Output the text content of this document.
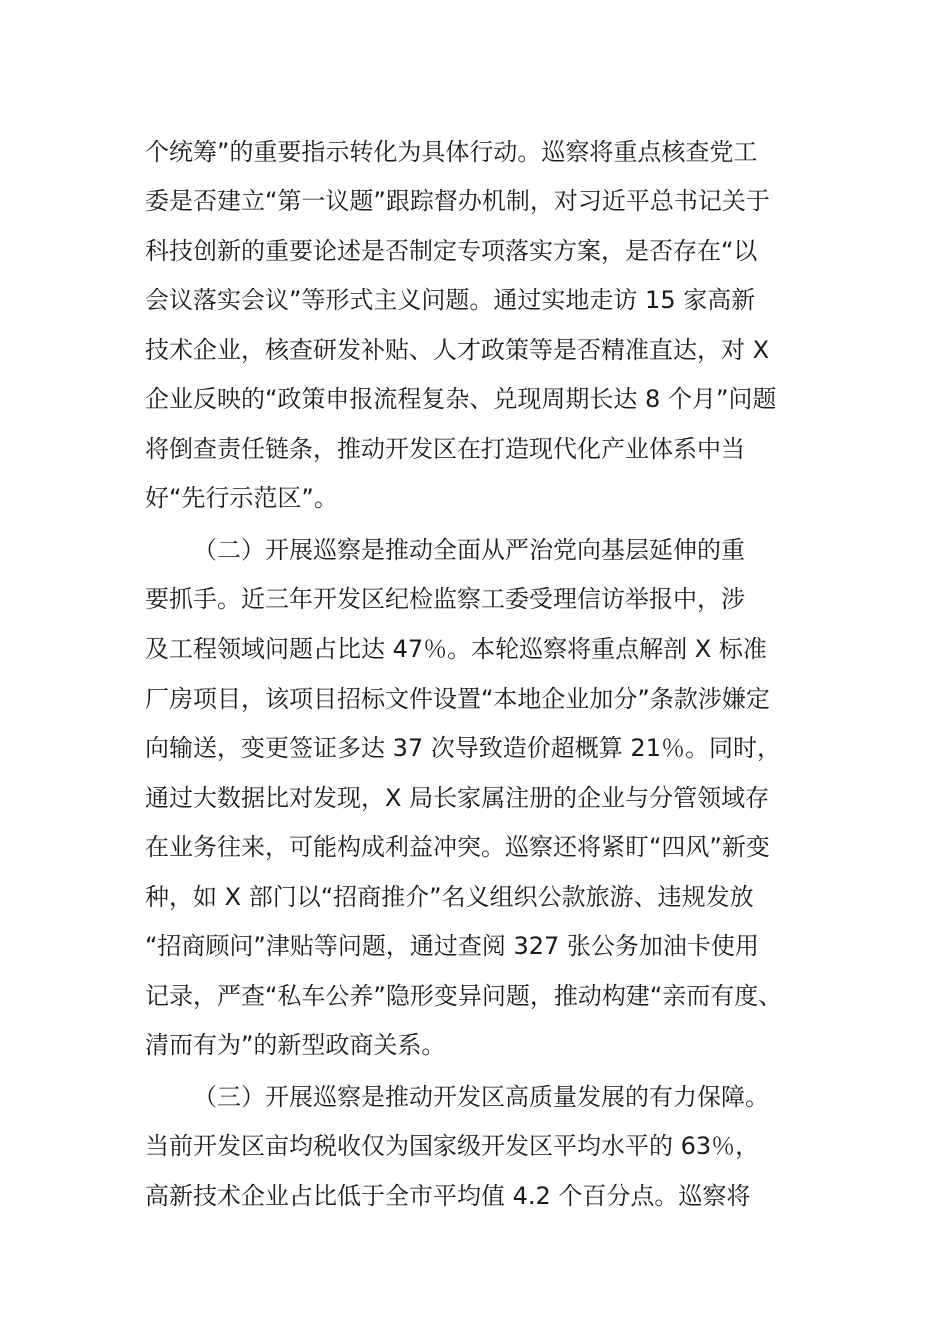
个统筹”的重要指示转化为具体行动。巡察将重点核查党工
委是否建立“第一议题”跟踪督办机制，对习近平总书记关于
科技创新的重要论述是否制定专项落实方案，是否存在“以
会议落实会议”等形式主义问题。通过实地走访 15 家高新
技术企业，核查研发补贴、人才政策等是否精准直达，对 X
企业反映的“政策申报流程复杂、兑现周期长达 8 个月”问题
将倒查责任链条，推动开发区在打造现代化产业体系中当
好“先行示范区”。
（二）开展巡察是推动全面从严治党向基层延伸的重
要抓手。近三年开发区纪检监察工委受理信访举报中，涉
及工程领域问题占比达 47％。本轮巡察将重点解剖 X 标准
厂房项目，该项目招标文件设置“本地企业加分”条款涉嫌定
向输送，变更签证多达 37 次导致造价超概算 21％。同时，
通过大数据比对发现，X 局长家属注册的企业与分管领域存
在业务往来，可能构成利益冲突。巡察还将紧盯“四风”新变
种，如 X 部门以“招商推介”名义组织公款旅游、违规发放
“招商顾问”津贴等问题，通过查阅 327 张公务加油卡使用
记录，严查“私车公养”隐形变异问题，推动构建“亲而有度、
清而有为”的新型政商关系。
（三）开展巡察是推动开发区高质量发展的有力保障。
当前开发区亩均税收仅为国家级开发区平均水平的 63％，
高新技术企业占比低于全市平均值 4.2 个百分点。巡察将
